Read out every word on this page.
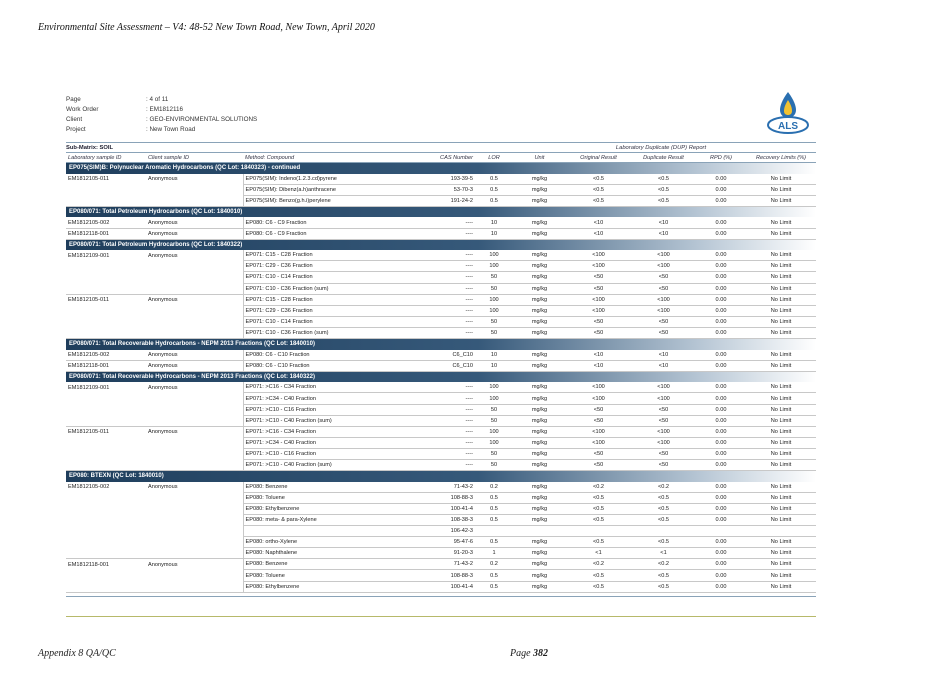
Environmental Site Assessment – V4: 48-52 New Town Road, New Town, April 2020
Page	: 4 of 11
Work Order	: EM1812116
Client	: GEO-ENVIRONMENTAL SOLUTIONS
Project	: New Town Road	ALS
Sub-Matrix: SOIL	Laboratory Duplicate (DUP) Report
Laboratory sample ID	Client sample ID	Method: Compound	CAS Number	LOR	Unit	Original Result	Duplicate Result	RPD (%)	Recovery Limits (%)
EP075(SIM)B: Polynuclear Aromatic Hydrocarbons (QC Lot: 1840323) - continued									
EM1812105-011	Anonymous	EP075(SIM): Indeno(1.2.3.cd)pyrene	193-39-5	0.5	mg/kg	<0.5	<0.5	0.00	No Limit
		EP075(SIM): Dibenz(a.h)anthracene	53-70-3	0.5	mg/kg	<0.5	<0.5	0.00	No Limit
		EP075(SIM): Benzo(g.h.i)perylene	191-24-2	0.5	mg/kg	<0.5	<0.5	0.00	No Limit
EP080/071: Total Petroleum Hydrocarbons (QC Lot: 1840010)									
EM1812105-002	Anonymous	EP080: C6 - C9 Fraction	----	10	mg/kg	<10	<10	0.00	No Limit
EM1812118-001	Anonymous	EP080: C6 - C9 Fraction	----	10	mg/kg	<10	<10	0.00	No Limit
EP080/071: Total Petroleum Hydrocarbons (QC Lot: 1840322)									
EM1812109-001	Anonymous	EP071: C15 - C28 Fraction	----	100	mg/kg	<100	<100	0.00	No Limit
		EP071: C29 - C36 Fraction	----	100	mg/kg	<100	<100	0.00	No Limit
		EP071: C10 - C14 Fraction	----	50	mg/kg	<50	<50	0.00	No Limit
		EP071: C10 - C36 Fraction (sum)	----	50	mg/kg	<50	<50	0.00	No Limit
EM1812105-011	Anonymous	EP071: C15 - C28 Fraction	----	100	mg/kg	<100	<100	0.00	No Limit
		EP071: C29 - C36 Fraction	----	100	mg/kg	<100	<100	0.00	No Limit
		EP071: C10 - C14 Fraction	----	50	mg/kg	<50	<50	0.00	No Limit
		EP071: C10 - C36 Fraction (sum)	----	50	mg/kg	<50	<50	0.00	No Limit
EP080/071: Total Recoverable Hydrocarbons - NEPM 2013 Fractions (QC Lot: 1840010)									
EM1812105-002	Anonymous	EP080: C6 - C10 Fraction	C6_C10	10	mg/kg	<10	<10	0.00	No Limit
EM1812118-001	Anonymous	EP080: C6 - C10 Fraction	C6_C10	10	mg/kg	<10	<10	0.00	No Limit
EP080/071: Total Recoverable Hydrocarbons - NEPM 2013 Fractions (QC Lot: 1840322)									
EM1812109-001	Anonymous	EP071: >C16 - C34 Fraction	----	100	mg/kg	<100	<100	0.00	No Limit
		EP071: >C34 - C40 Fraction	----	100	mg/kg	<100	<100	0.00	No Limit
		EP071: >C10 - C16 Fraction	----	50	mg/kg	<50	<50	0.00	No Limit
		EP071: >C10 - C40 Fraction (sum)	----	50	mg/kg	<50	<50	0.00	No Limit
EM1812105-011	Anonymous	EP071: >C16 - C34 Fraction	----	100	mg/kg	<100	<100	0.00	No Limit
		EP071: >C34 - C40 Fraction	----	100	mg/kg	<100	<100	0.00	No Limit
		EP071: >C10 - C16 Fraction	----	50	mg/kg	<50	<50	0.00	No Limit
		EP071: >C10 - C40 Fraction (sum)	----	50	mg/kg	<50	<50	0.00	No Limit
EP080: BTEXN (QC Lot: 1840010)									
EM1812105-002	Anonymous	EP080: Benzene	71-43-2	0.2	mg/kg	<0.2	<0.2	0.00	No Limit
		EP080: Toluene	108-88-3	0.5	mg/kg	<0.5	<0.5	0.00	No Limit
		EP080: Ethylbenzene	100-41-4	0.5	mg/kg	<0.5	<0.5	0.00	No Limit
		EP080: meta- & para-Xylene	108-38-3	0.5	mg/kg	<0.5	<0.5	0.00	No Limit
			106-42-3						
		EP080: ortho-Xylene	95-47-6	0.5	mg/kg	<0.5	<0.5	0.00	No Limit
		EP080: Naphthalene	91-20-3	1	mg/kg	<1	<1	0.00	No Limit
EM1812118-001	Anonymous	EP080: Benzene	71-43-2	0.2	mg/kg	<0.2	<0.2	0.00	No Limit
		EP080: Toluene	108-88-3	0.5	mg/kg	<0.5	<0.5	0.00	No Limit
		EP080: Ethylbenzene	100-41-4	0.5	mg/kg	<0.5	<0.5	0.00	No Limit
Appendix 8 QA/QC	Page 382
